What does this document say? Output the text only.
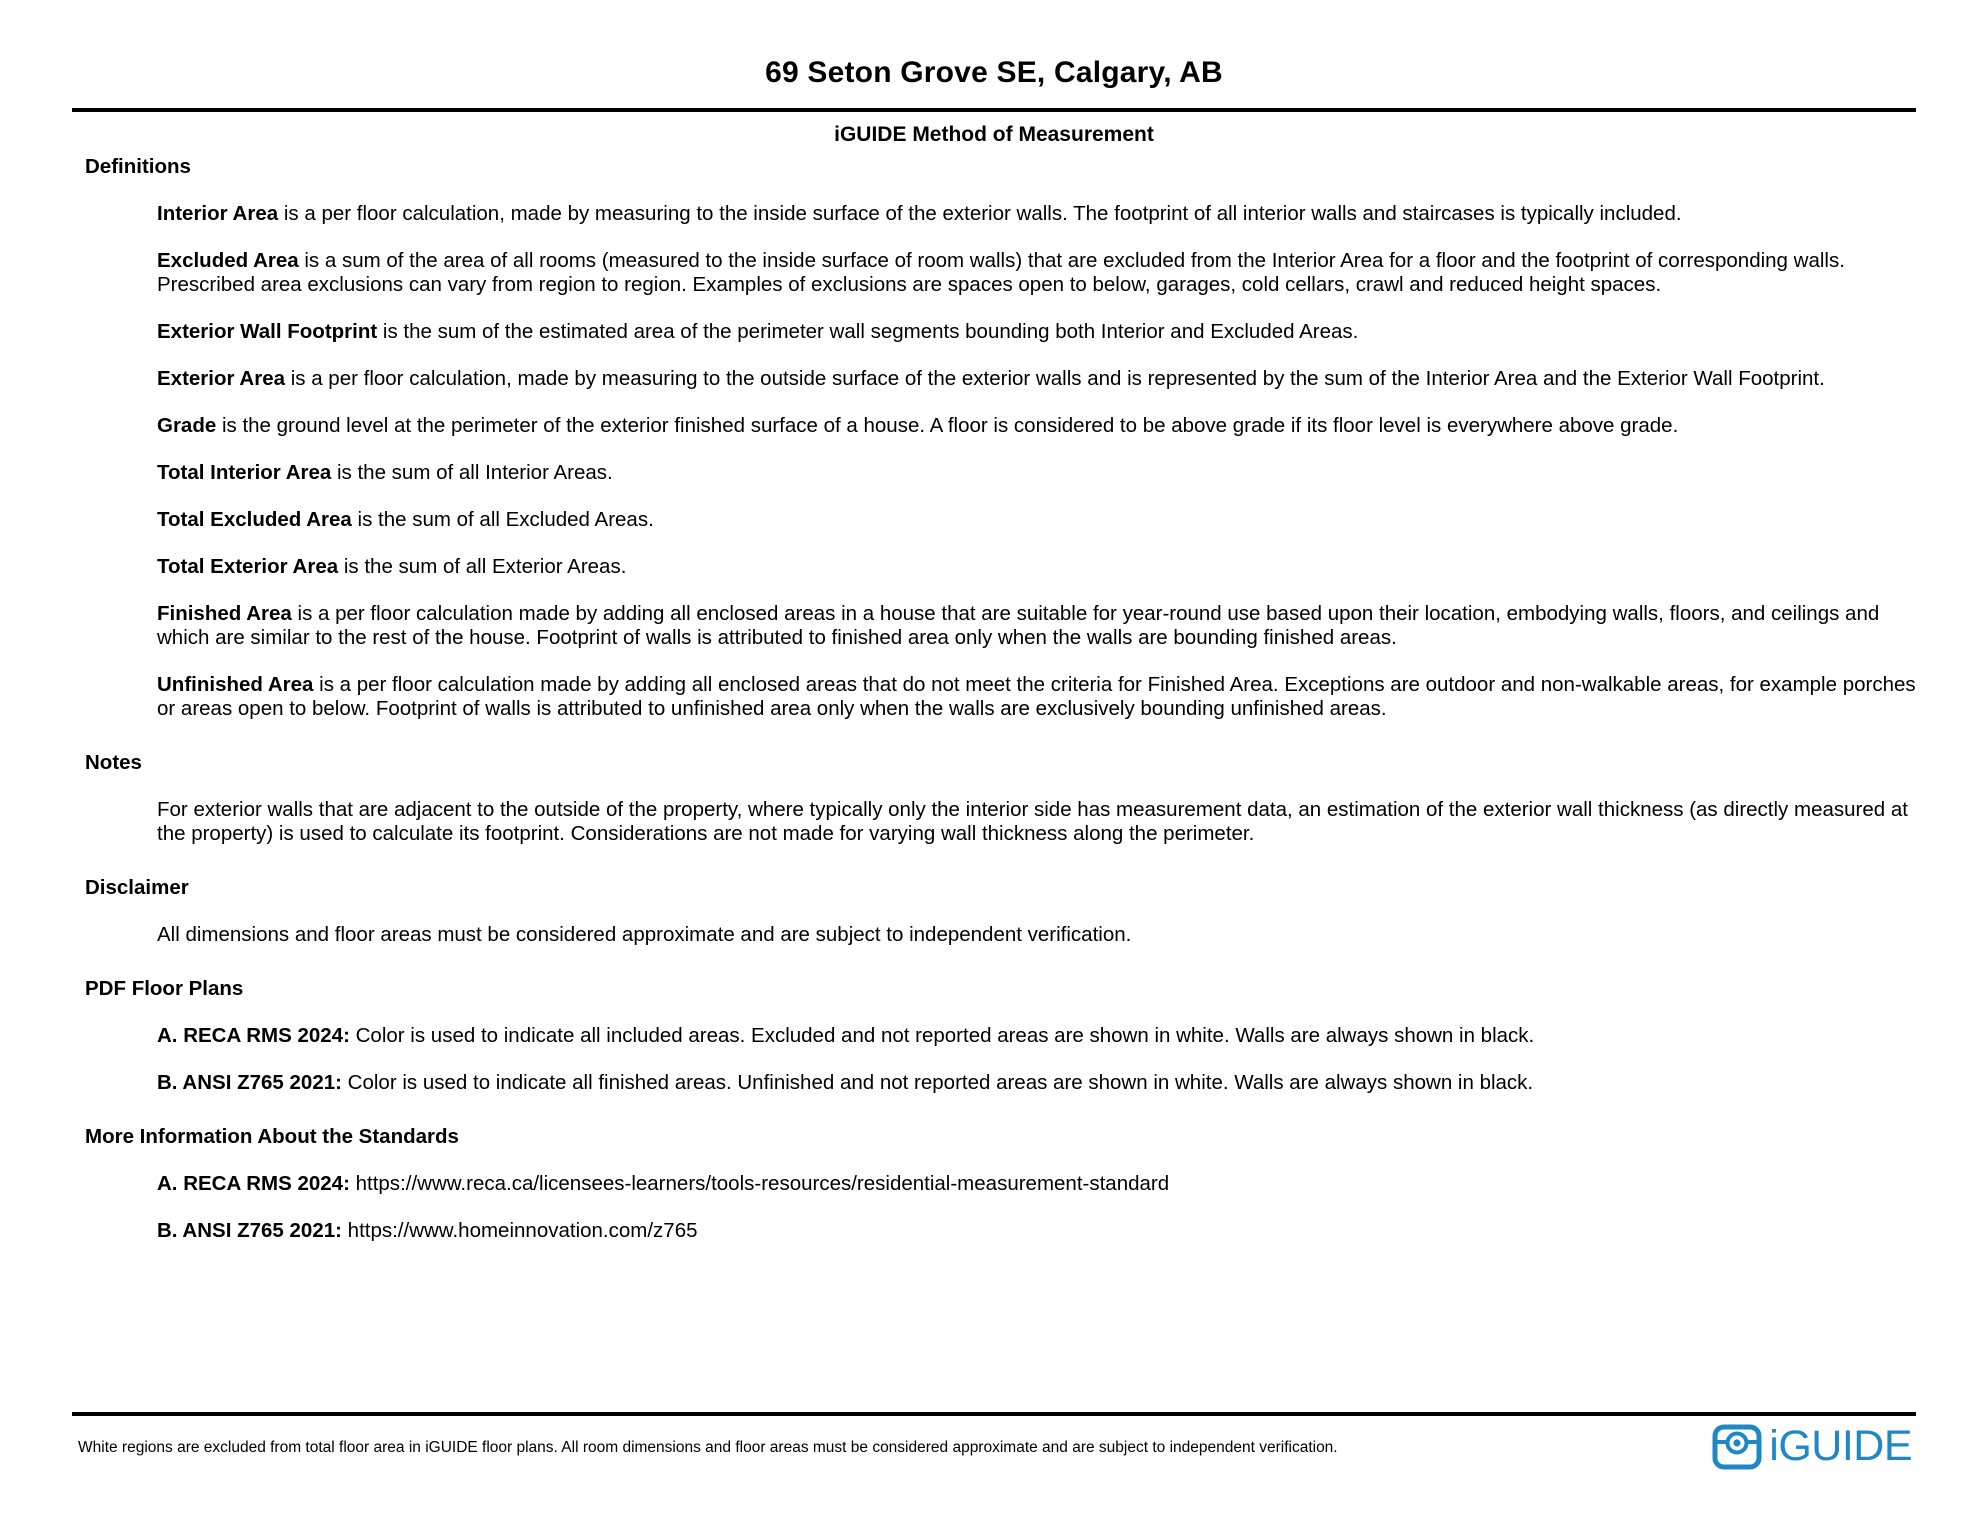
69 Seton Grove SE, Calgary, AB
iGUIDE Method of Measurement
Definitions

Interior Area is a per floor calculation, made by measuring to the inside surface of the exterior walls. The footprint of all interior walls and staircases is typically included.

Excluded Area is a sum of the area of all rooms (measured to the inside surface of room walls) that are excluded from the Interior Area for a floor and the footprint of corresponding walls. Prescribed area exclusions can vary from region to region. Examples of exclusions are spaces open to below, garages, cold cellars, crawl and reduced height spaces.

Exterior Wall Footprint is the sum of the estimated area of the perimeter wall segments bounding both Interior and Excluded Areas.

Exterior Area is a per floor calculation, made by measuring to the outside surface of the exterior walls and is represented by the sum of the Interior Area and the Exterior Wall Footprint.

Grade is the ground level at the perimeter of the exterior finished surface of a house. A floor is considered to be above grade if its floor level is everywhere above grade.

Total Interior Area is the sum of all Interior Areas.

Total Excluded Area is the sum of all Excluded Areas.

Total Exterior Area is the sum of all Exterior Areas.

Finished Area is a per floor calculation made by adding all enclosed areas in a house that are suitable for year-round use based upon their location, embodying walls, floors, and ceilings and which are similar to the rest of the house. Footprint of walls is attributed to finished area only when the walls are bounding finished areas.

Unfinished Area is a per floor calculation made by adding all enclosed areas that do not meet the criteria for Finished Area. Exceptions are outdoor and non-walkable areas, for example porches or areas open to below. Footprint of walls is attributed to unfinished area only when the walls are exclusively bounding unfinished areas.

Notes

For exterior walls that are adjacent to the outside of the property, where typically only the interior side has measurement data, an estimation of the exterior wall thickness (as directly measured at the property) is used to calculate its footprint. Considerations are not made for varying wall thickness along the perimeter.

Disclaimer

All dimensions and floor areas must be considered approximate and are subject to independent verification.

PDF Floor Plans

A. RECA RMS 2024: Color is used to indicate all included areas. Excluded and not reported areas are shown in white. Walls are always shown in black.

B. ANSI Z765 2021: Color is used to indicate all finished areas. Unfinished and not reported areas are shown in white. Walls are always shown in black.

More Information About the Standards

A. RECA RMS 2024: https://www.reca.ca/licensees-learners/tools-resources/residential-measurement-standard

B. ANSI Z765 2021: https://www.homeinnovation.com/z765

White regions are excluded from total floor area in iGUIDE floor plans. All room dimensions and floor areas must be considered approximate and are subject to independent verification.	iGUIDE
